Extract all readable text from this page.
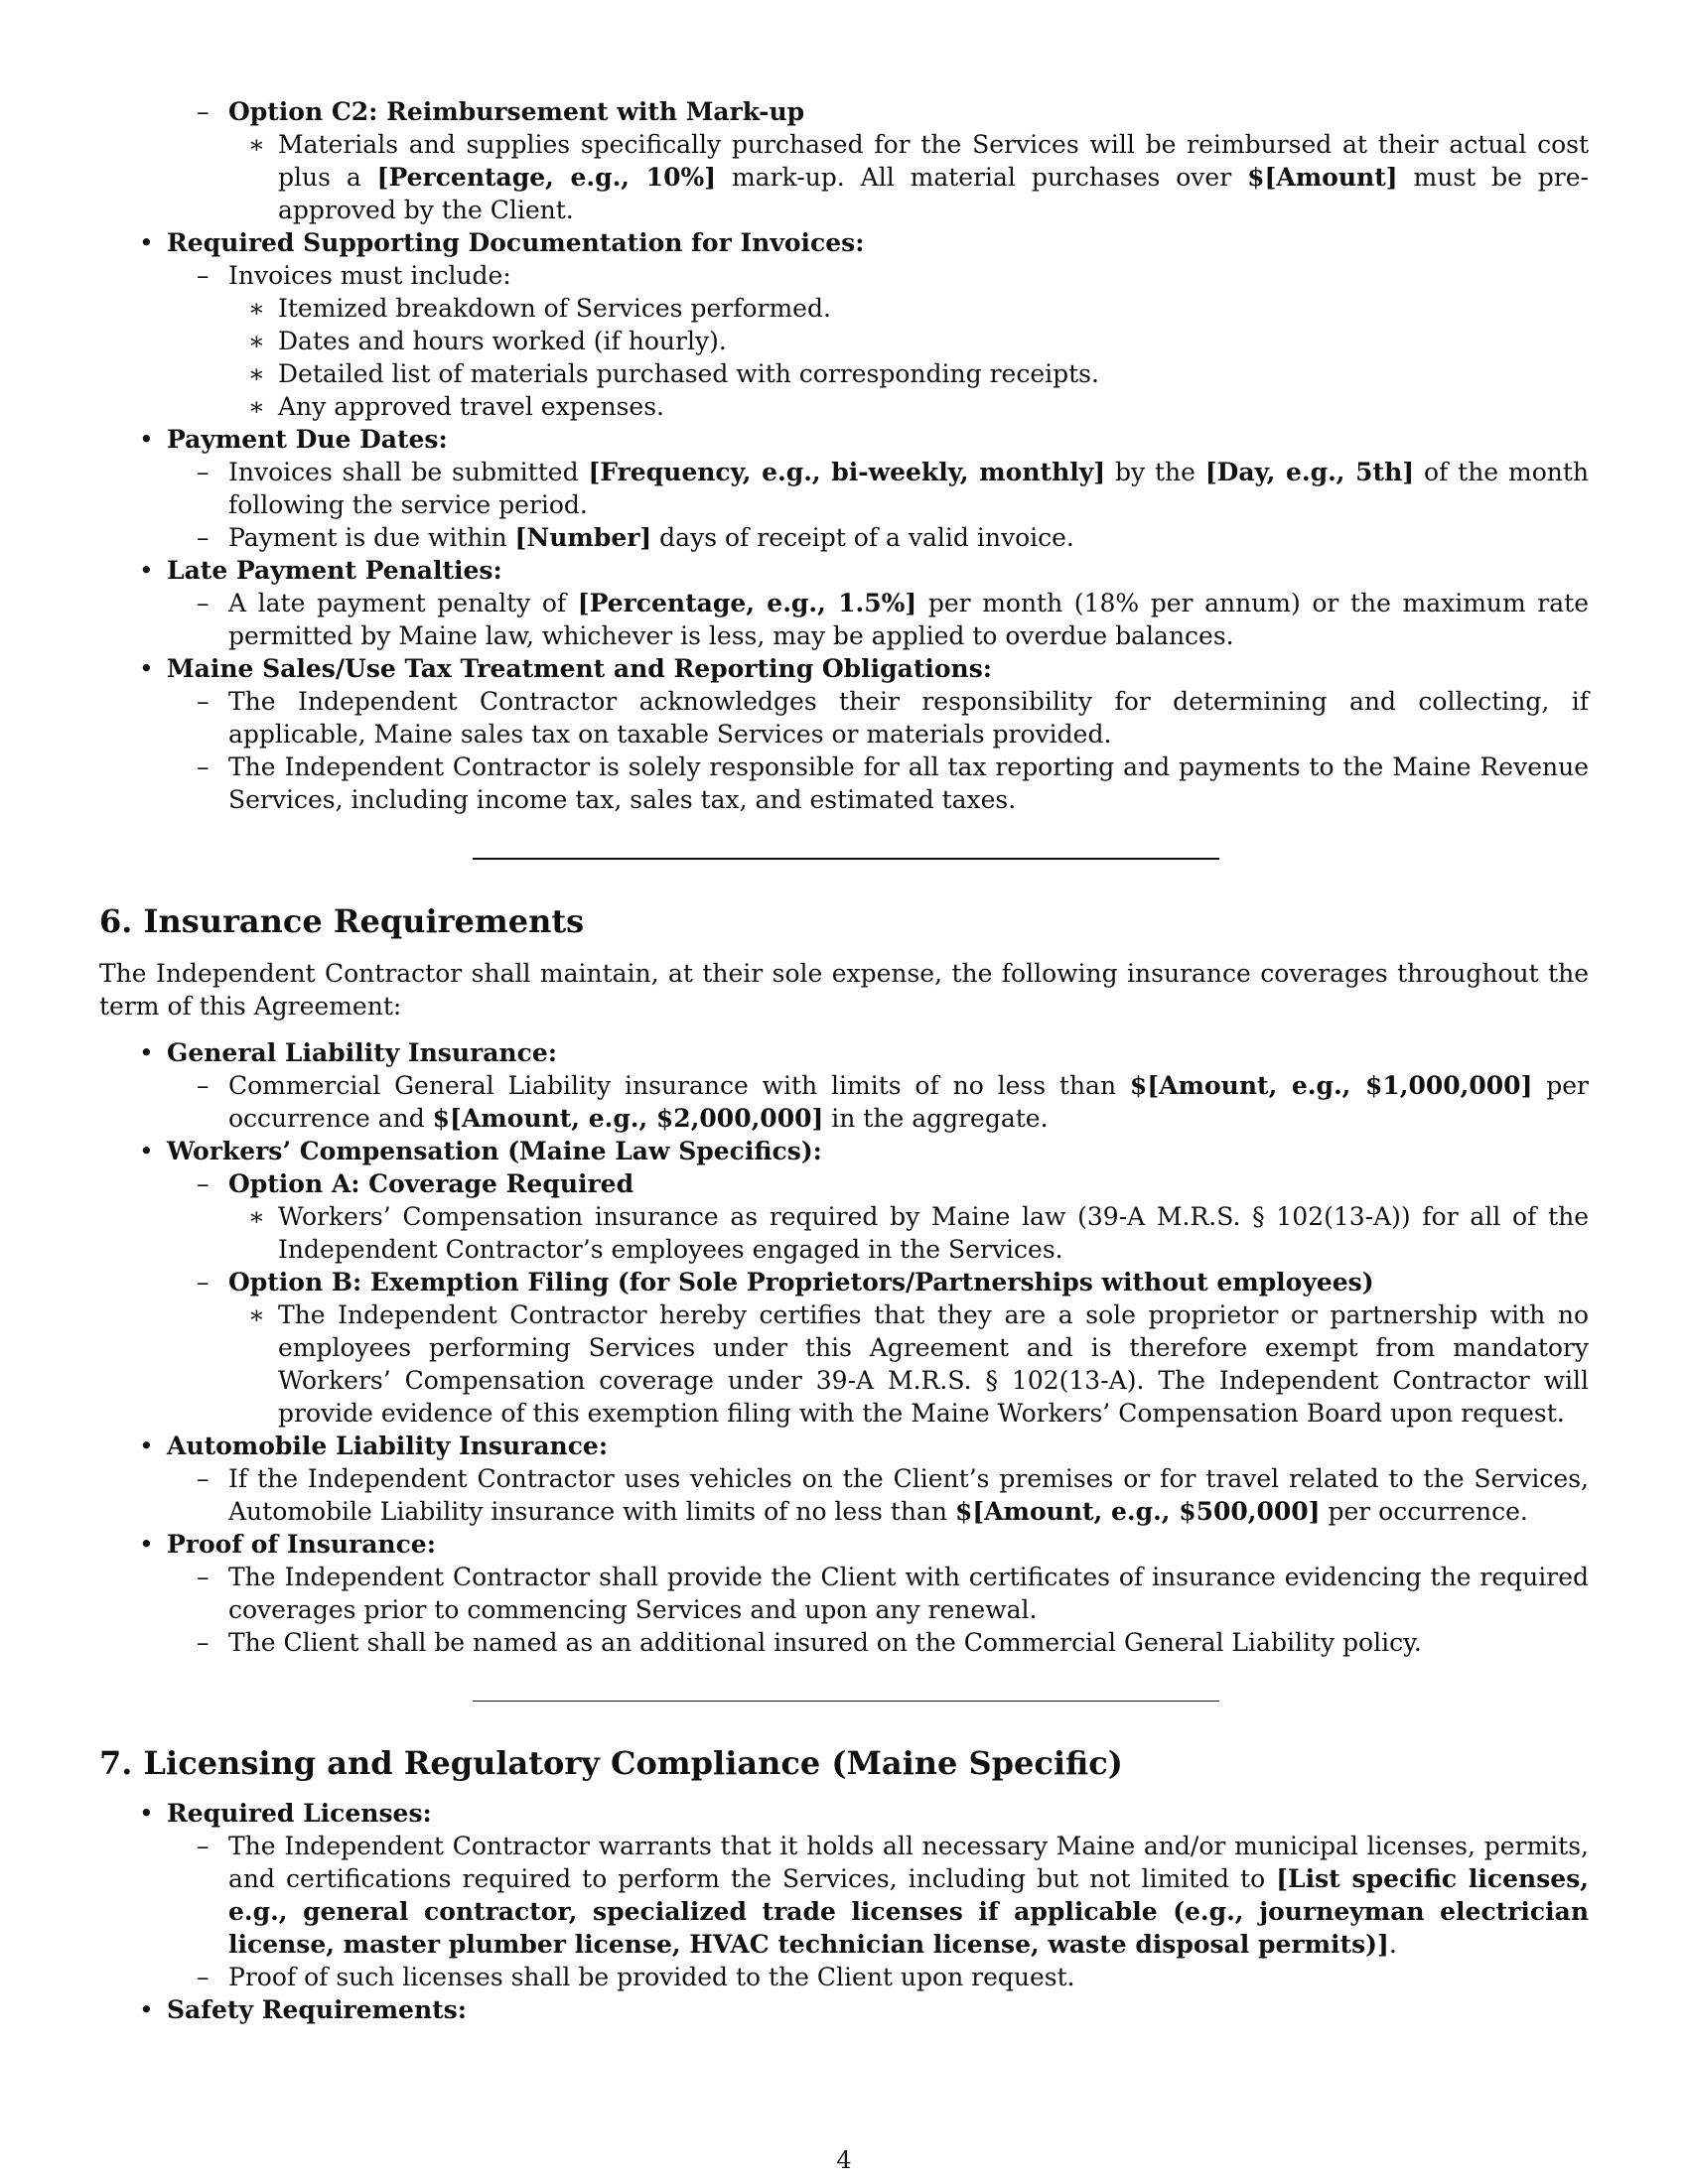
– Option C2: Reimbursement with Mark-up

∗ Materials and supplies specifically purchased for the Services will be reimbursed at their actual cost plus a [Percentage, e.g., 10%] mark-up. All material purchases over $[Amount] must be pre-approved by the Client.

• Required Supporting Documentation for Invoices:

– Invoices must include:

∗ Itemized breakdown of Services performed.

∗ Dates and hours worked (if hourly).

∗ Detailed list of materials purchased with corresponding receipts.

∗ Any approved travel expenses.

• Payment Due Dates:

– Invoices shall be submitted [Frequency, e.g., bi-weekly, monthly] by the [Day, e.g., 5th] of the month following the service period.

– Payment is due within [Number] days of receipt of a valid invoice.

• Late Payment Penalties:

– A late payment penalty of [Percentage, e.g., 1.5%] per month (18% per annum) or the maximum rate permitted by Maine law, whichever is less, may be applied to overdue balances.

• Maine Sales/Use Tax Treatment and Reporting Obligations:

– The Independent Contractor acknowledges their responsibility for determining and collecting, if applicable, Maine sales tax on taxable Services or materials provided.

– The Independent Contractor is solely responsible for all tax reporting and payments to the Maine Revenue Services, including income tax, sales tax, and estimated taxes.

6. Insurance Requirements

The Independent Contractor shall maintain, at their sole expense, the following insurance coverages throughout the term of this Agreement:

• General Liability Insurance:

– Commercial General Liability insurance with limits of no less than $[Amount, e.g., $1,000,000] per occurrence and $[Amount, e.g., $2,000,000] in the aggregate.

• Workers’ Compensation (Maine Law Specifics):

– Option A: Coverage Required

∗ Workers’ Compensation insurance as required by Maine law (39-A M.R.S. § 102(13-A)) for all of the Independent Contractor’s employees engaged in the Services.

– Option B: Exemption Filing (for Sole Proprietors/Partnerships without employees)

∗ The Independent Contractor hereby certifies that they are a sole proprietor or partnership with no employees performing Services under this Agreement and is therefore exempt from mandatory Workers’ Compensation coverage under 39-A M.R.S. § 102(13-A). The Independent Contractor will provide evidence of this exemption filing with the Maine Workers’ Compensation Board upon request.

• Automobile Liability Insurance:

– If the Independent Contractor uses vehicles on the Client’s premises or for travel related to the Services, Automobile Liability insurance with limits of no less than $[Amount, e.g., $500,000] per occurrence.

• Proof of Insurance:

– The Independent Contractor shall provide the Client with certificates of insurance evidencing the required coverages prior to commencing Services and upon any renewal.

– The Client shall be named as an additional insured on the Commercial General Liability policy.

7. Licensing and Regulatory Compliance (Maine Specific)

• Required Licenses:

– The Independent Contractor warrants that it holds all necessary Maine and/or municipal licenses, permits, and certifications required to perform the Services, including but not limited to [List specific licenses, e.g., general contractor, specialized trade licenses if applicable (e.g., journeyman electrician license, master plumber license, HVAC technician license, waste disposal permits)].

– Proof of such licenses shall be provided to the Client upon request.

• Safety Requirements:

4
